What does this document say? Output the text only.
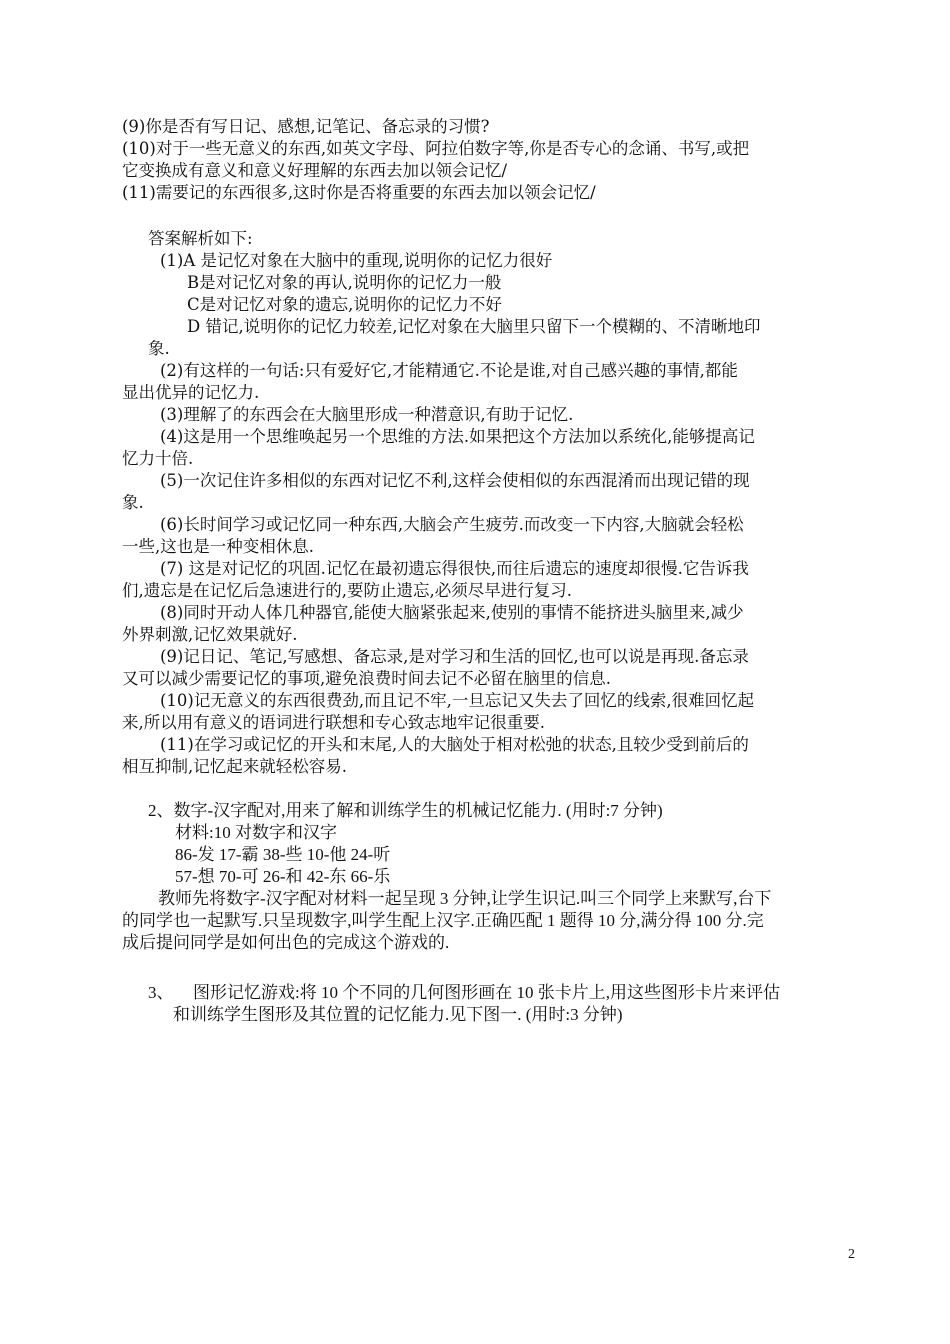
(9)你是否有写日记、感想,记笔记、备忘录的习惯?
(10)对于一些无意义的东西,如英文字母、阿拉伯数字等,你是否专心的念诵、书写,或把
它变换成有意义和意义好理解的东西去加以领会记忆/
(11)需要记的东西很多,这时你是否将重要的东西去加以领会记忆/
答案解析如下:
(1)A 是记忆对象在大脑中的重现,说明你的记忆力很好
B是对记忆对象的再认,说明你的记忆力一般
C是对记忆对象的遗忘,说明你的记忆力不好
D 错记,说明你的记忆力较差,记忆对象在大脑里只留下一个模糊的、不清晰地印
象.
(2)有这样的一句话:只有爱好它,才能精通它.不论是谁,对自己感兴趣的事情,都能
显出优异的记忆力.
(3)理解了的东西会在大脑里形成一种潜意识,有助于记忆.
(4)这是用一个思维唤起另一个思维的方法.如果把这个方法加以系统化,能够提高记
忆力十倍.
(5)一次记住许多相似的东西对记忆不利,这样会使相似的东西混淆而出现记错的现
象.
(6)长时间学习或记忆同一种东西,大脑会产生疲劳.而改变一下内容,大脑就会轻松
一些,这也是一种变相休息.
(7) 这是对记忆的巩固.记忆在最初遗忘得很快,而往后遗忘的速度却很慢.它告诉我
们,遗忘是在记忆后急速进行的,要防止遗忘,必须尽早进行复习.
(8)同时开动人体几种器官,能使大脑紧张起来,使别的事情不能挤进头脑里来,减少
外界刺激,记忆效果就好.
(9)记日记、笔记,写感想、备忘录,是对学习和生活的回忆,也可以说是再现.备忘录
又可以减少需要记忆的事项,避免浪费时间去记不必留在脑里的信息.
(10)记无意义的东西很费劲,而且记不牢,一旦忘记又失去了回忆的线索,很难回忆起
来,所以用有意义的语词进行联想和专心致志地牢记很重要.
(11)在学习或记忆的开头和末尾,人的大脑处于相对松弛的状态,且较少受到前后的
相互抑制,记忆起来就轻松容易.
2、数字-汉字配对,用来了解和训练学生的机械记忆能力. (用时:7 分钟)
材料:10 对数字和汉字
86-发 17-霸 38-些 10-他 24-听
57-想 70-可 26-和 42-东 66-乐
教师先将数字-汉字配对材料一起呈现 3 分钟,让学生识记.叫三个同学上来默写,台下
的同学也一起默写.只呈现数字,叫学生配上汉字.正确匹配 1 题得 10 分,满分得 100 分.完
成后提问同学是如何出色的完成这个游戏的.
3、 图形记忆游戏:将 10 个不同的几何图形画在 10 张卡片上,用这些图形卡片来评估
和训练学生图形及其位置的记忆能力.见下图一. (用时:3 分钟)
2
